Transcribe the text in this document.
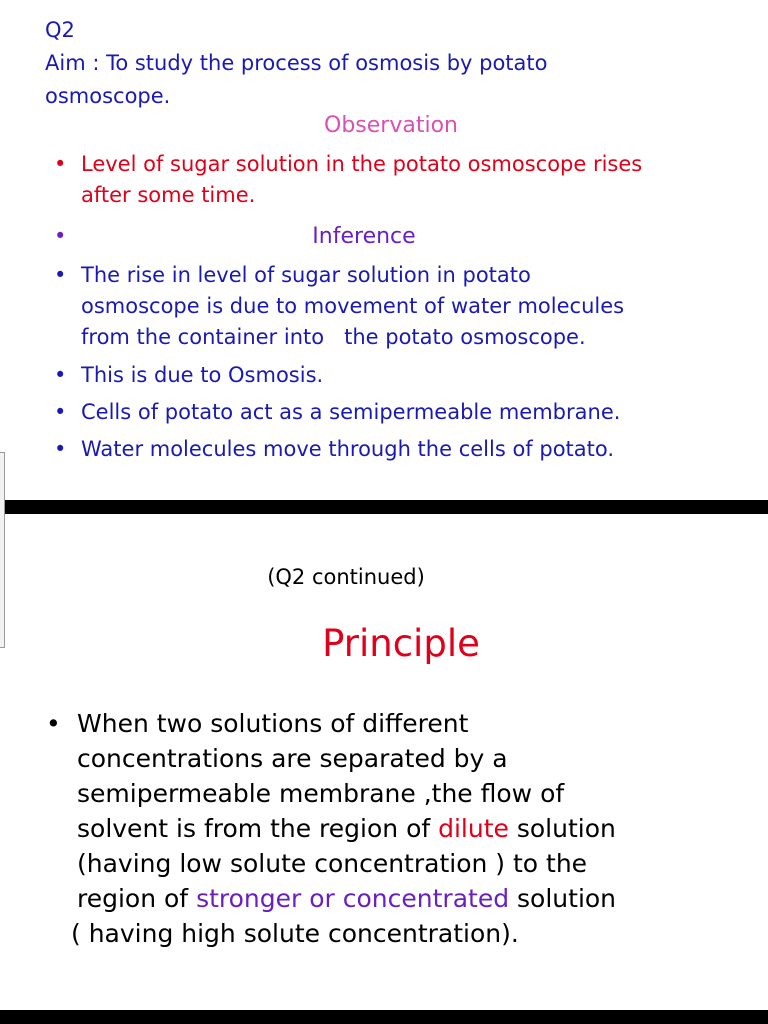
Q2
Aim : To study the process of osmosis by potato
osmoscope.
Observation
• Level of sugar solution in the potato osmoscope rises
after some time.
•	Inference
• The rise in level of sugar solution in potato
osmoscope is due to movement of water molecules
from the container into   the potato osmoscope.
• This is due to Osmosis.
• Cells of potato act as a semipermeable membrane.
• Water molecules move through the cells of potato.
(Q2 continued)
Principle
• When two solutions of different
concentrations are separated by a
semipermeable membrane ,the flow of
solvent is from the region of dilute solution
(having low solute concentration ) to the
region of stronger or concentrated solution
( having high solute concentration).
